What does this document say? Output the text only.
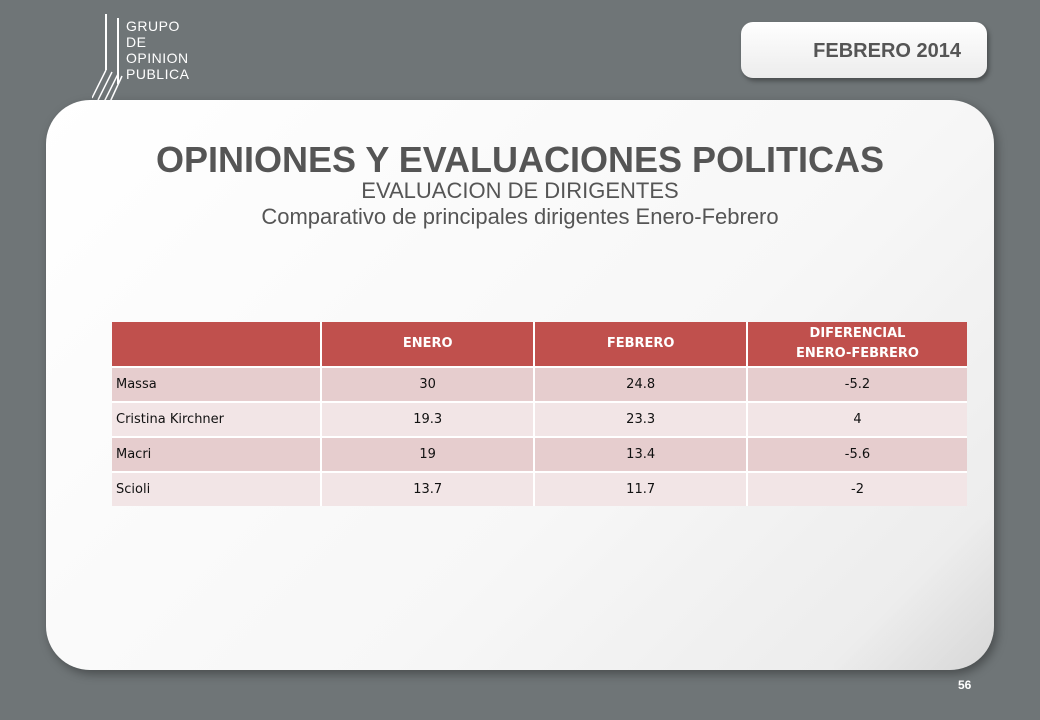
GRUPO
DE
OPINION
PUBLICA
FEBRERO 2014
OPINIONES Y EVALUACIONES POLITICAS
EVALUACION DE DIRIGENTES
Comparativo de principales dirigentes Enero-Febrero
	ENERO	FEBRERO	DIFERENCIAL
ENERO-FEBRERO

Massa	30	24.8	-5.2
Cristina Kirchner	19.3	23.3	4
Macri	19	13.4	-5.6
Scioli	13.7	11.7	-2
56
